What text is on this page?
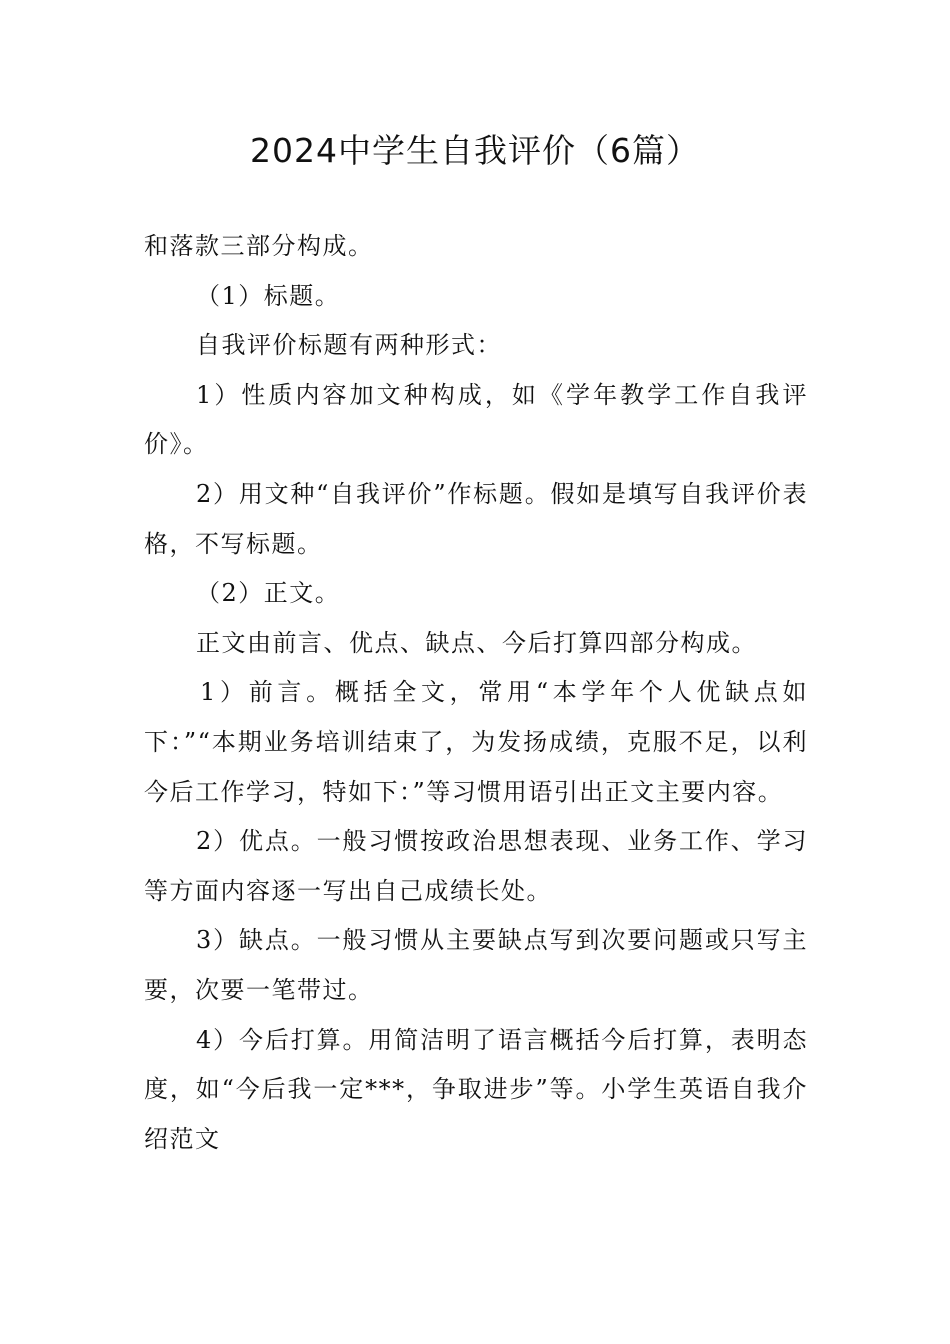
2024中学生自我评价（6篇）

和落款三部分构成。

（1）标题。

自我评价标题有两种形式：

1）性质内容加文种构成，如《学年教学工作自我评价》。

2）用文种“自我评价”作标题。假如是填写自我评价表格，不写标题。

（2）正文。

正文由前言、优点、缺点、今后打算四部分构成。

1）前言。概括全文，常用“本学年个人优缺点如下：”“本期业务培训结束了，为发扬成绩，克服不足，以利今后工作学习，特如下：”等习惯用语引出正文主要内容。

2）优点。一般习惯按政治思想表现、业务工作、学习等方面内容逐一写出自己成绩长处。

3）缺点。一般习惯从主要缺点写到次要问题或只写主要，次要一笔带过。

4）今后打算。用简洁明了语言概括今后打算，表明态度，如“今后我一定***，争取进步”等。小学生英语自我介绍范文
